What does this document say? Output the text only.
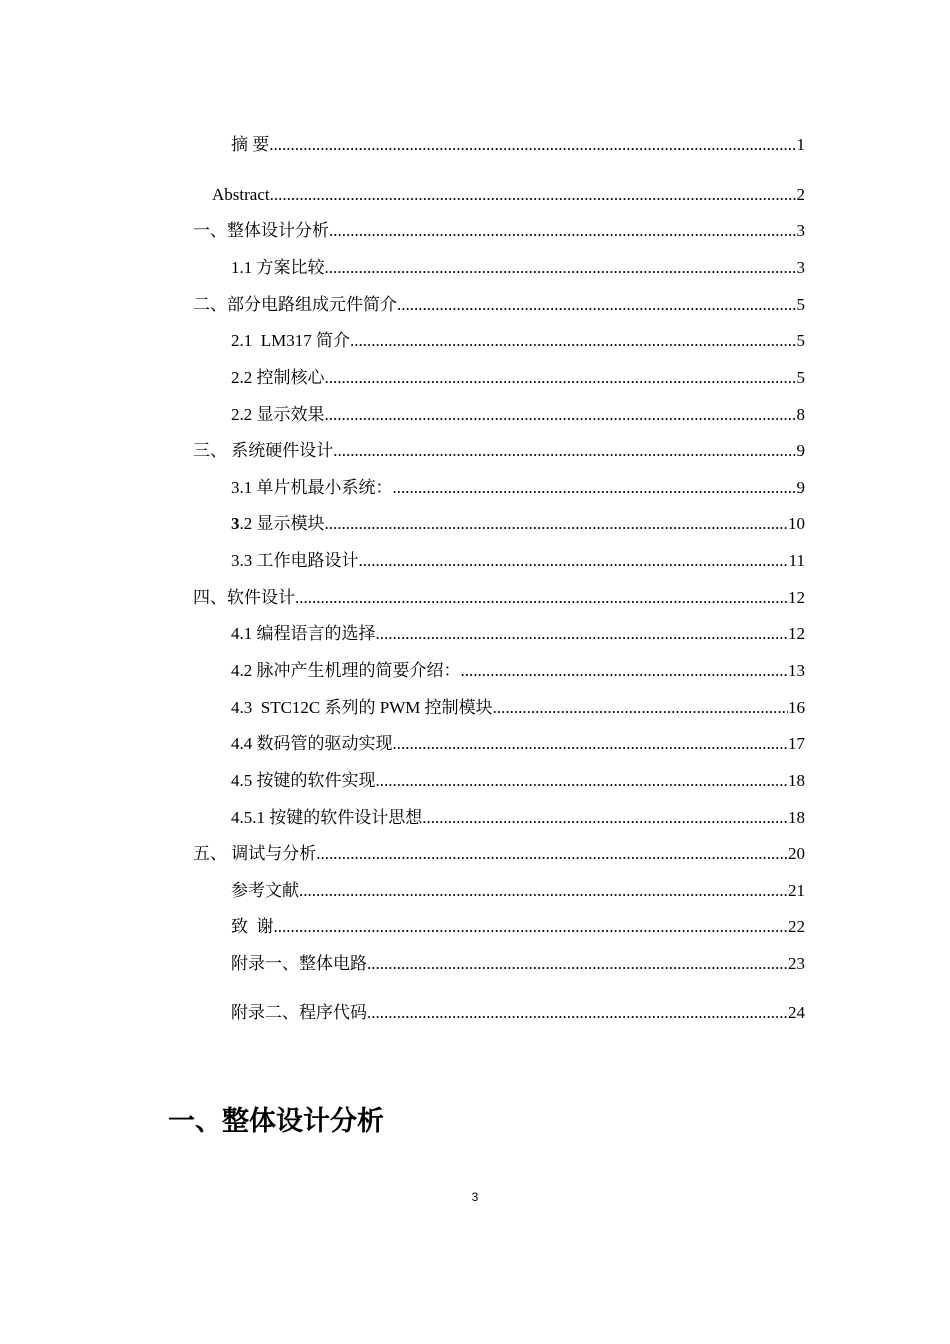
摘 要 .....	1
Abstract .....	2
一、整体设计分析 .....	3
1.1 方案比较 .....	3
二、部分电路组成元件简介 .....	5
2.1  LM317 简介 .....	5
2.2 控制核心 .....	5
2.2 显示效果 .....	8
三、 系统硬件设计 .....	9
3.1 单片机最小系统： .....	9
3.2 显示模块 .....	10
3.3 工作电路设计 .....	11
四、软件设计 .....	12
4.1 编程语言的选择 .....	12
4.2 脉冲产生机理的简要介绍： .....	13
4.3  STC12C 系列的 PWM 控制模块 .....	16
4.4 数码管的驱动实现 .....	17
4.5 按键的软件实现 .....	18
4.5.1 按键的软件设计思想 .....	18
五、 调试与分析 .....	20
参考文献 .....	21
致  谢 .....	22
附录一、整体电路 .....	23
附录二、程序代码 .....	24
一、整体设计分析
3
